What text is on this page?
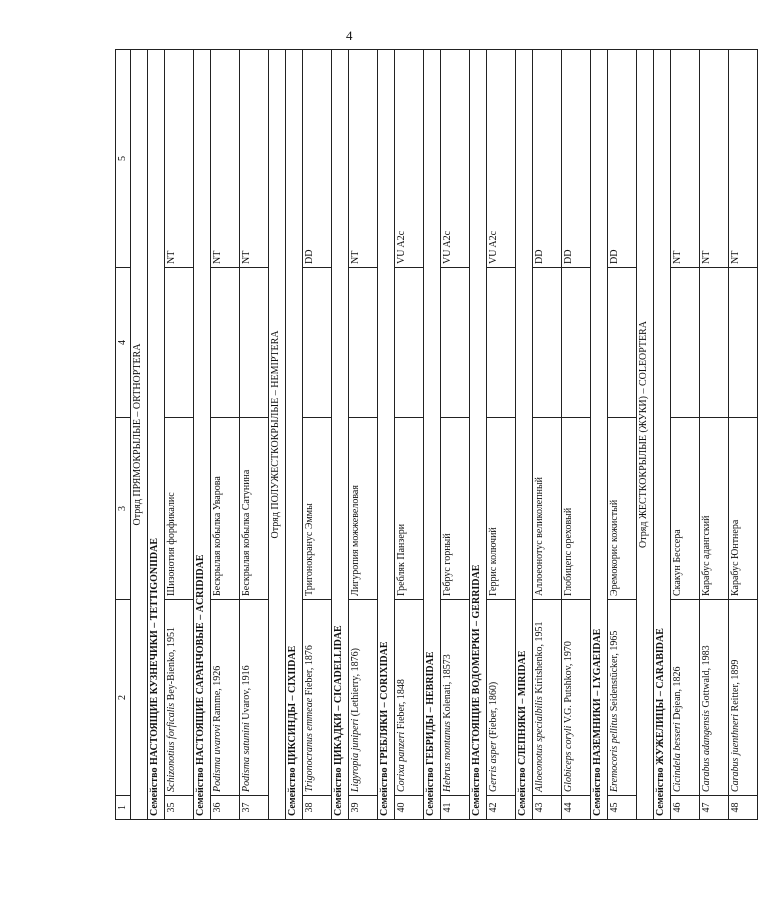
4
1	2	3	4	5
Отряд ПРЯМОКРЫЛЫЕ – ORTHOPTERA				
Семейство НАСТОЯЩИЕ КУЗНЕЧИКИ – TETTIGONIIDAE				
35	Schizonotius forficalis Bey-Bienko, 1951	Шизонотия форфикалис		NT
Семейство НАСТОЯЩИЕ САРАНЧОВЫЕ – ACRIDIDAE				
36	Podisma uvarovi Ramme, 1926	Бескрылая кобылка Уварова		NT
37	Podisma satunini Uvarov, 1916	Бескрылая кобылка Сатунина		NT
Отряд ПОЛУЖЕСТКОКРЫЛЫЕ – HEMIPTERA				
Семейство ЦИКСИНДЫ – CIXIIDAE				
38	Trigonocranus emmeae Fieber, 1876	Тригонокранус Эммы		DD
Семейство ЦИКАДКИ – CICADELLIDAE				
39	Ligyropia juniperi (Lethierry, 1876)	Лигуропия можжевеловая		NT
Семейство ГРЕБЛЯКИ – CORIXIDAE				
40	Corixa panzeri Fieber, 1848	Гребляк Панзери		VU A2c
Семейство ГЕБРИДЫ – HEBRIDAE				
41	Hebrus montanus Kolenati, 18573	Гебрус горный		VU A2c
Семейство НАСТОЯЩИЕ ВОДОМЕРКИ – GERRIDAE				
42	Gerris asper (Fieber, 1860)	Геррис колючий		VU A2c
Семейство СЛЕПНЯКИ – MIRIDAE				
43	Alloeonotus specialbilis Kiritshenko, 1951	Аллоеонотус великолепный		DD
44	Globiceps coryli V.G. Putshkov, 1970	Глобицепс ореховый		DD
Семейство НАЗЕМНИКИ – LYGAEIDAE				
45	Eremocoris pellitus Seidenstücker, 1965	Эремокорис кожистый		DD
Отряд ЖЕСТКОКРЫЛЫЕ (ЖУКИ) – COLEOPTERA				
Семейство ЖУЖЕЛИЦЫ – CARABIDAE				
46	Cicindela besseri Dejean, 1826	Скакун Бессера		NT
47	Carabus adangensis Gottwald, 1983	Карабус адангский		NT
48	Carabus juenthneri Reitter, 1899	Карабус Юнтнера		NT
